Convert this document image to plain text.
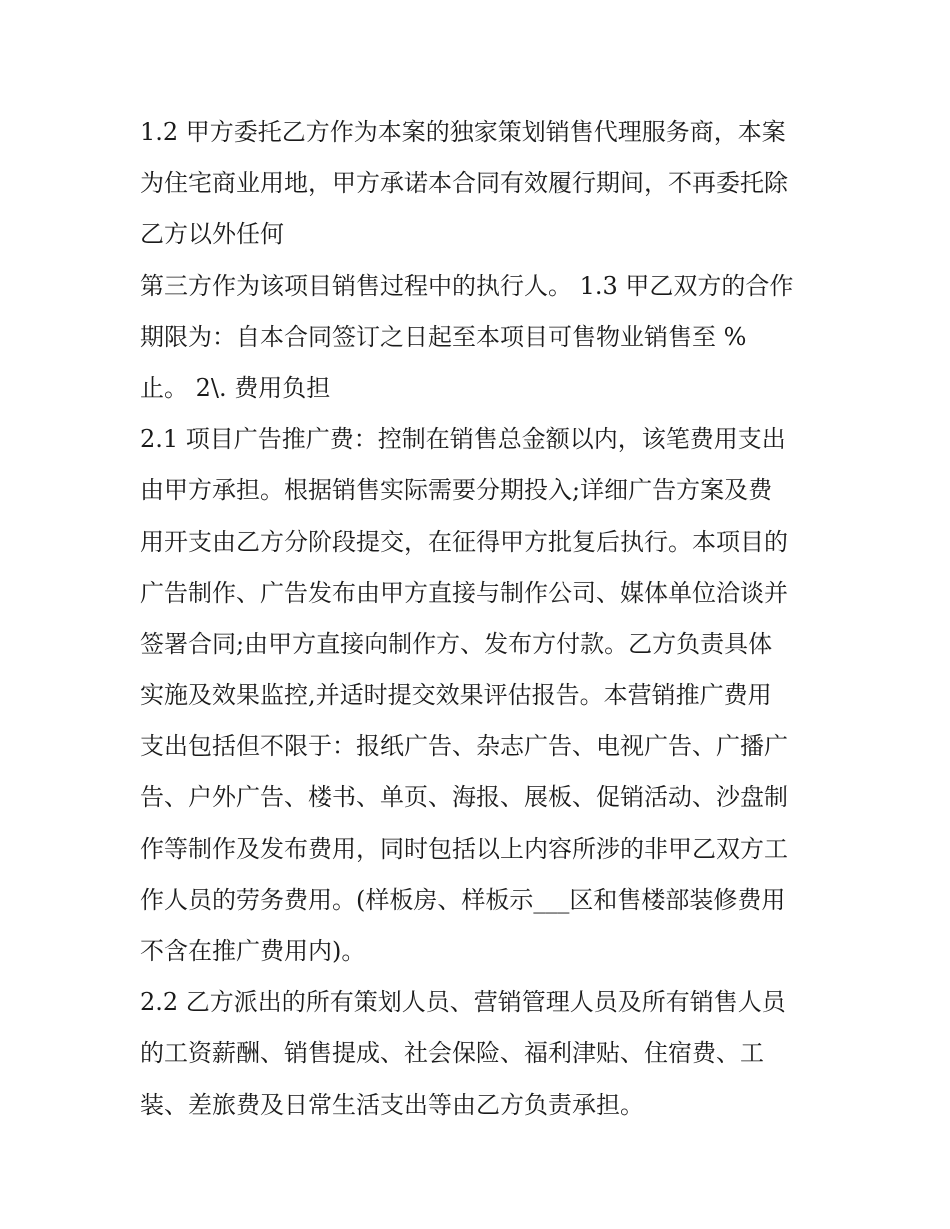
1.2 甲方委托乙方作为本案的独家策划销售代理服务商，本案
为住宅商业用地，甲方承诺本合同有效履行期间，不再委托除
乙方以外任何
第三方作为该项目销售过程中的执行人。 1.3 甲乙双方的合作
期限为：自本合同签订之日起至本项目可售物业销售至 %
止。 2\. 费用负担
2.1 项目广告推广费：控制在销售总金额以内，该笔费用支出
由甲方承担。根据销售实际需要分期投入;详细广告方案及费
用开支由乙方分阶段提交，在征得甲方批复后执行。本项目的
广告制作、广告发布由甲方直接与制作公司、媒体单位洽谈并
签署合同;由甲方直接向制作方、发布方付款。乙方负责具体
实施及效果监控,并适时提交效果评估报告。本营销推广费用
支出包括但不限于：报纸广告、杂志广告、电视广告、广播广
告、户外广告、楼书、单页、海报、展板、促销活动、沙盘制
作等制作及发布费用，同时包括以上内容所涉的非甲乙双方工
作人员的劳务费用。(样板房、样板示___区和售楼部装修费用
不含在推广费用内)。
2.2 乙方派出的所有策划人员、营销管理人员及所有销售人员
的工资薪酬、销售提成、社会保险、福利津贴、住宿费、工
装、差旅费及日常生活支出等由乙方负责承担。
